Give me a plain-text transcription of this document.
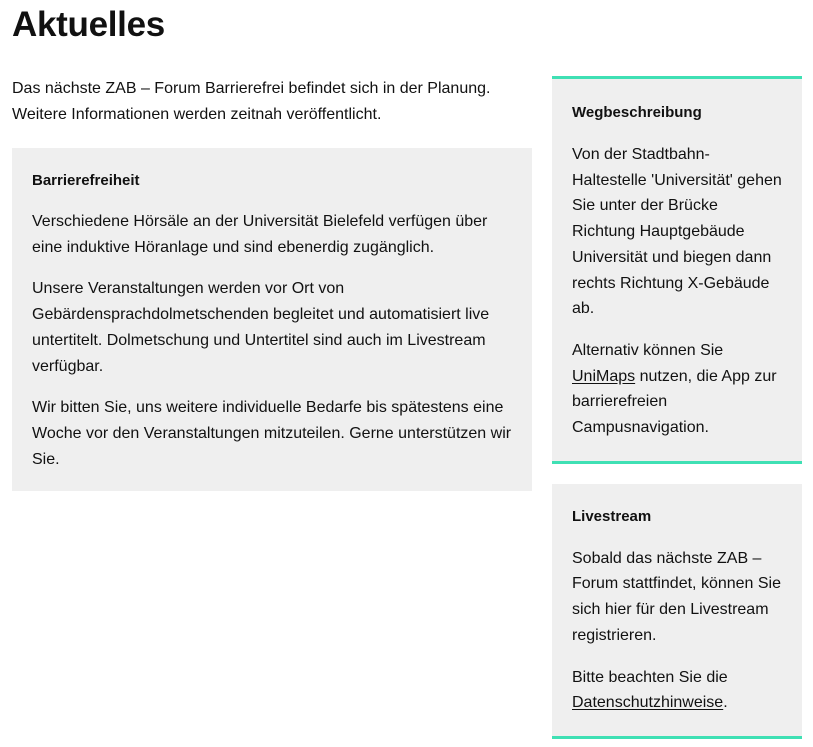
Aktuelles

Das nächste ZAB – Forum Barrierefrei befindet sich in der Planung. Weitere Informationen werden zeitnah veröffentlicht.

Barrierefreiheit

Verschiedene Hörsäle an der Universität Bielefeld verfügen über eine induktive Höranlage und sind ebenerdig zugänglich.

Unsere Veranstaltungen werden vor Ort von Gebärdensprachdolmetschenden begleitet und automatisiert live untertitelt. Dolmetschung und Untertitel sind auch im Livestream verfügbar.

Wir bitten Sie, uns weitere individuelle Bedarfe bis spätestens eine Woche vor den Veranstaltungen mitzuteilen. Gerne unterstützen wir Sie.

Wegbeschreibung

Von der Stadtbahn-Haltestelle 'Universität' gehen Sie unter der Brücke Richtung Hauptgebäude Universität und biegen dann rechts Richtung X-Gebäude ab.

Alternativ können Sie UniMaps nutzen, die App zur barrierefreien Campusnavigation.

Livestream

Sobald das nächste ZAB – Forum stattfindet, können Sie sich hier für den Livestream registrieren.

Bitte beachten Sie die Datenschutzhinweise.
